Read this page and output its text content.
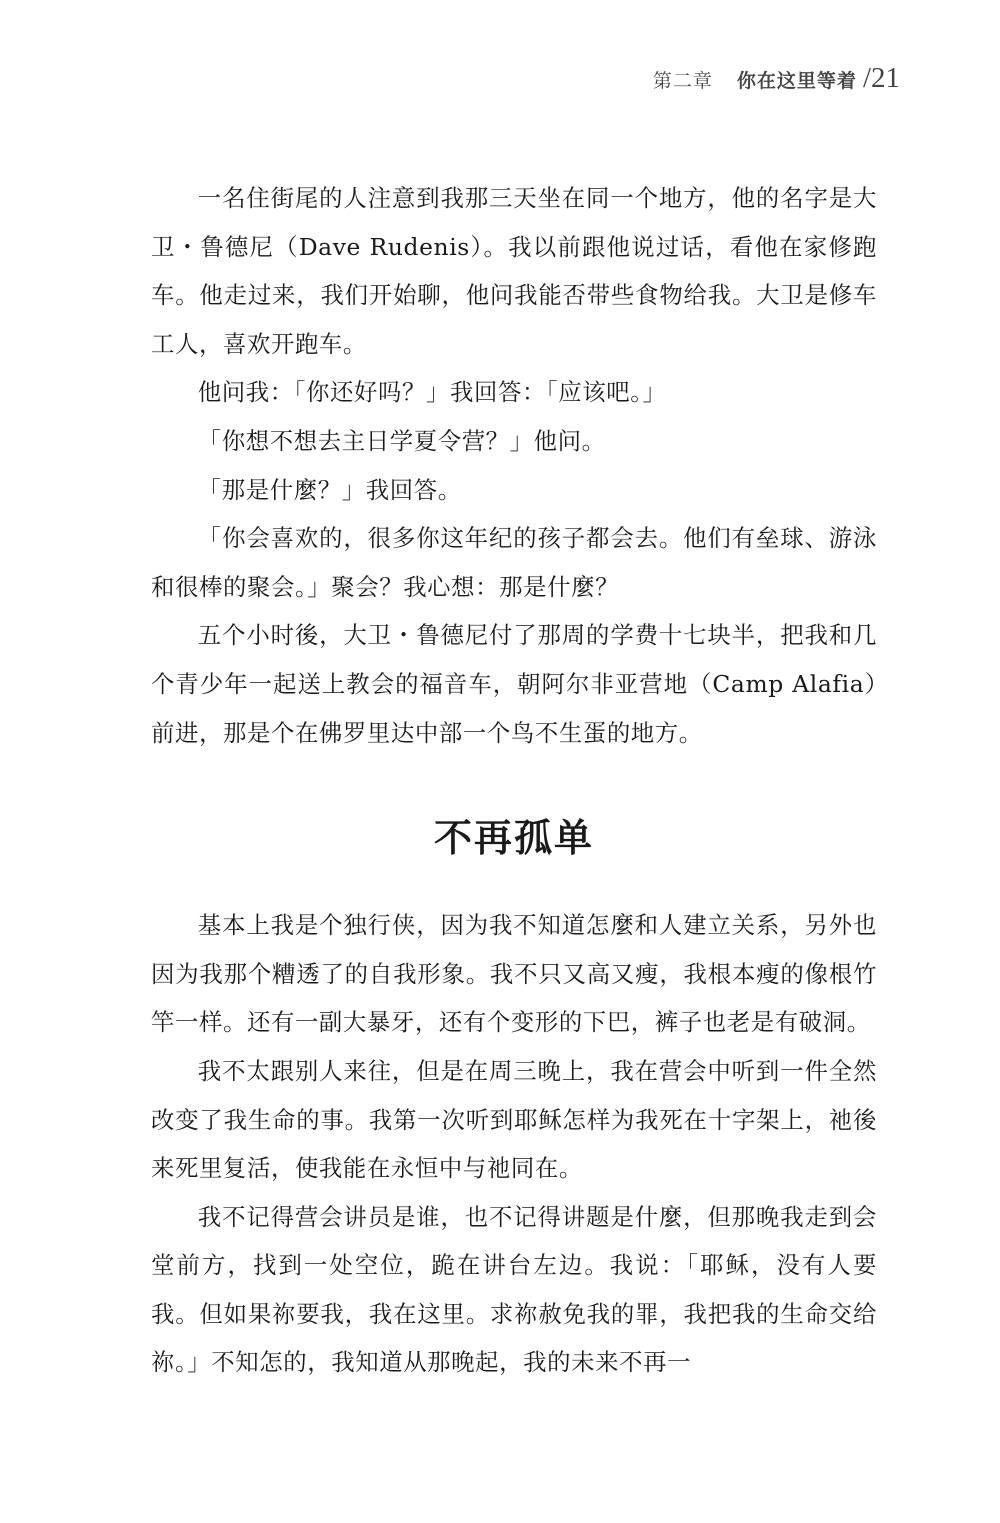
第二章 你在这里等着 /21

一名住街尾的人注意到我那三天坐在同一个地方，他的名字是大卫・鲁德尼（Dave Rudenis）。我以前跟他说过话，看他在家修跑车。他走过来，我们开始聊，他问我能否带些食物给我。大卫是修车工人，喜欢开跑车。

他问我：「你还好吗？」我回答：「应该吧。」

「你想不想去主日学夏令营？」他问。

「那是什麼？」我回答。

「你会喜欢的，很多你这年纪的孩子都会去。他们有垒球、游泳和很棒的聚会。」聚会？我心想：那是什麼？

五个小时後，大卫・鲁德尼付了那周的学费十七块半，把我和几个青少年一起送上教会的福音车，朝阿尔非亚营地（Camp Alafia）前进，那是个在佛罗里达中部一个鸟不生蛋的地方。

不再孤单

基本上我是个独行侠，因为我不知道怎麼和人建立关系，另外也因为我那个糟透了的自我形象。我不只又高又瘦，我根本瘦的像根竹竿一样。还有一副大暴牙，还有个变形的下巴，裤子也老是有破洞。

我不太跟别人来往，但是在周三晚上，我在营会中听到一件全然改变了我生命的事。我第一次听到耶稣怎样为我死在十字架上，祂後来死里复活，使我能在永恒中与祂同在。

我不记得营会讲员是谁，也不记得讲题是什麼，但那晚我走到会堂前方，找到一处空位，跪在讲台左边。我说：「耶稣，没有人要我。但如果祢要我，我在这里。求祢赦免我的罪，我把我的生命交给祢。」不知怎的，我知道从那晚起，我的未来不再一
